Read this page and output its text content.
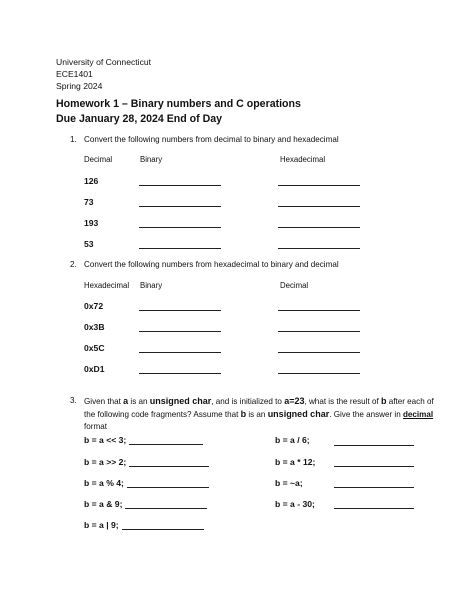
University of Connecticut
ECE1401
Spring 2024
Homework 1 – Binary numbers and C operations
Due January 28, 2024 End of Day
1. Convert the following numbers from decimal to binary and hexadecimal
Decimal	Binary	Hexadecimal
126
73
193
53
2. Convert the following numbers from hexadecimal to binary and decimal
Hexadecimal Binary	Decimal
0x72
0x3B
0x5C
0xD1
3. Given that a is an unsigned char, and is initialized to a=23, what is the result of b after each of the following code fragments? Assume that b is an unsigned char. Give the answer in decimal format
b = a << 3;
b = a >> 2;
b = a % 4;
b = a & 9;
b = a | 9;
b = a / 6;
b = a * 12;
b = ~a;
b = a - 30;
